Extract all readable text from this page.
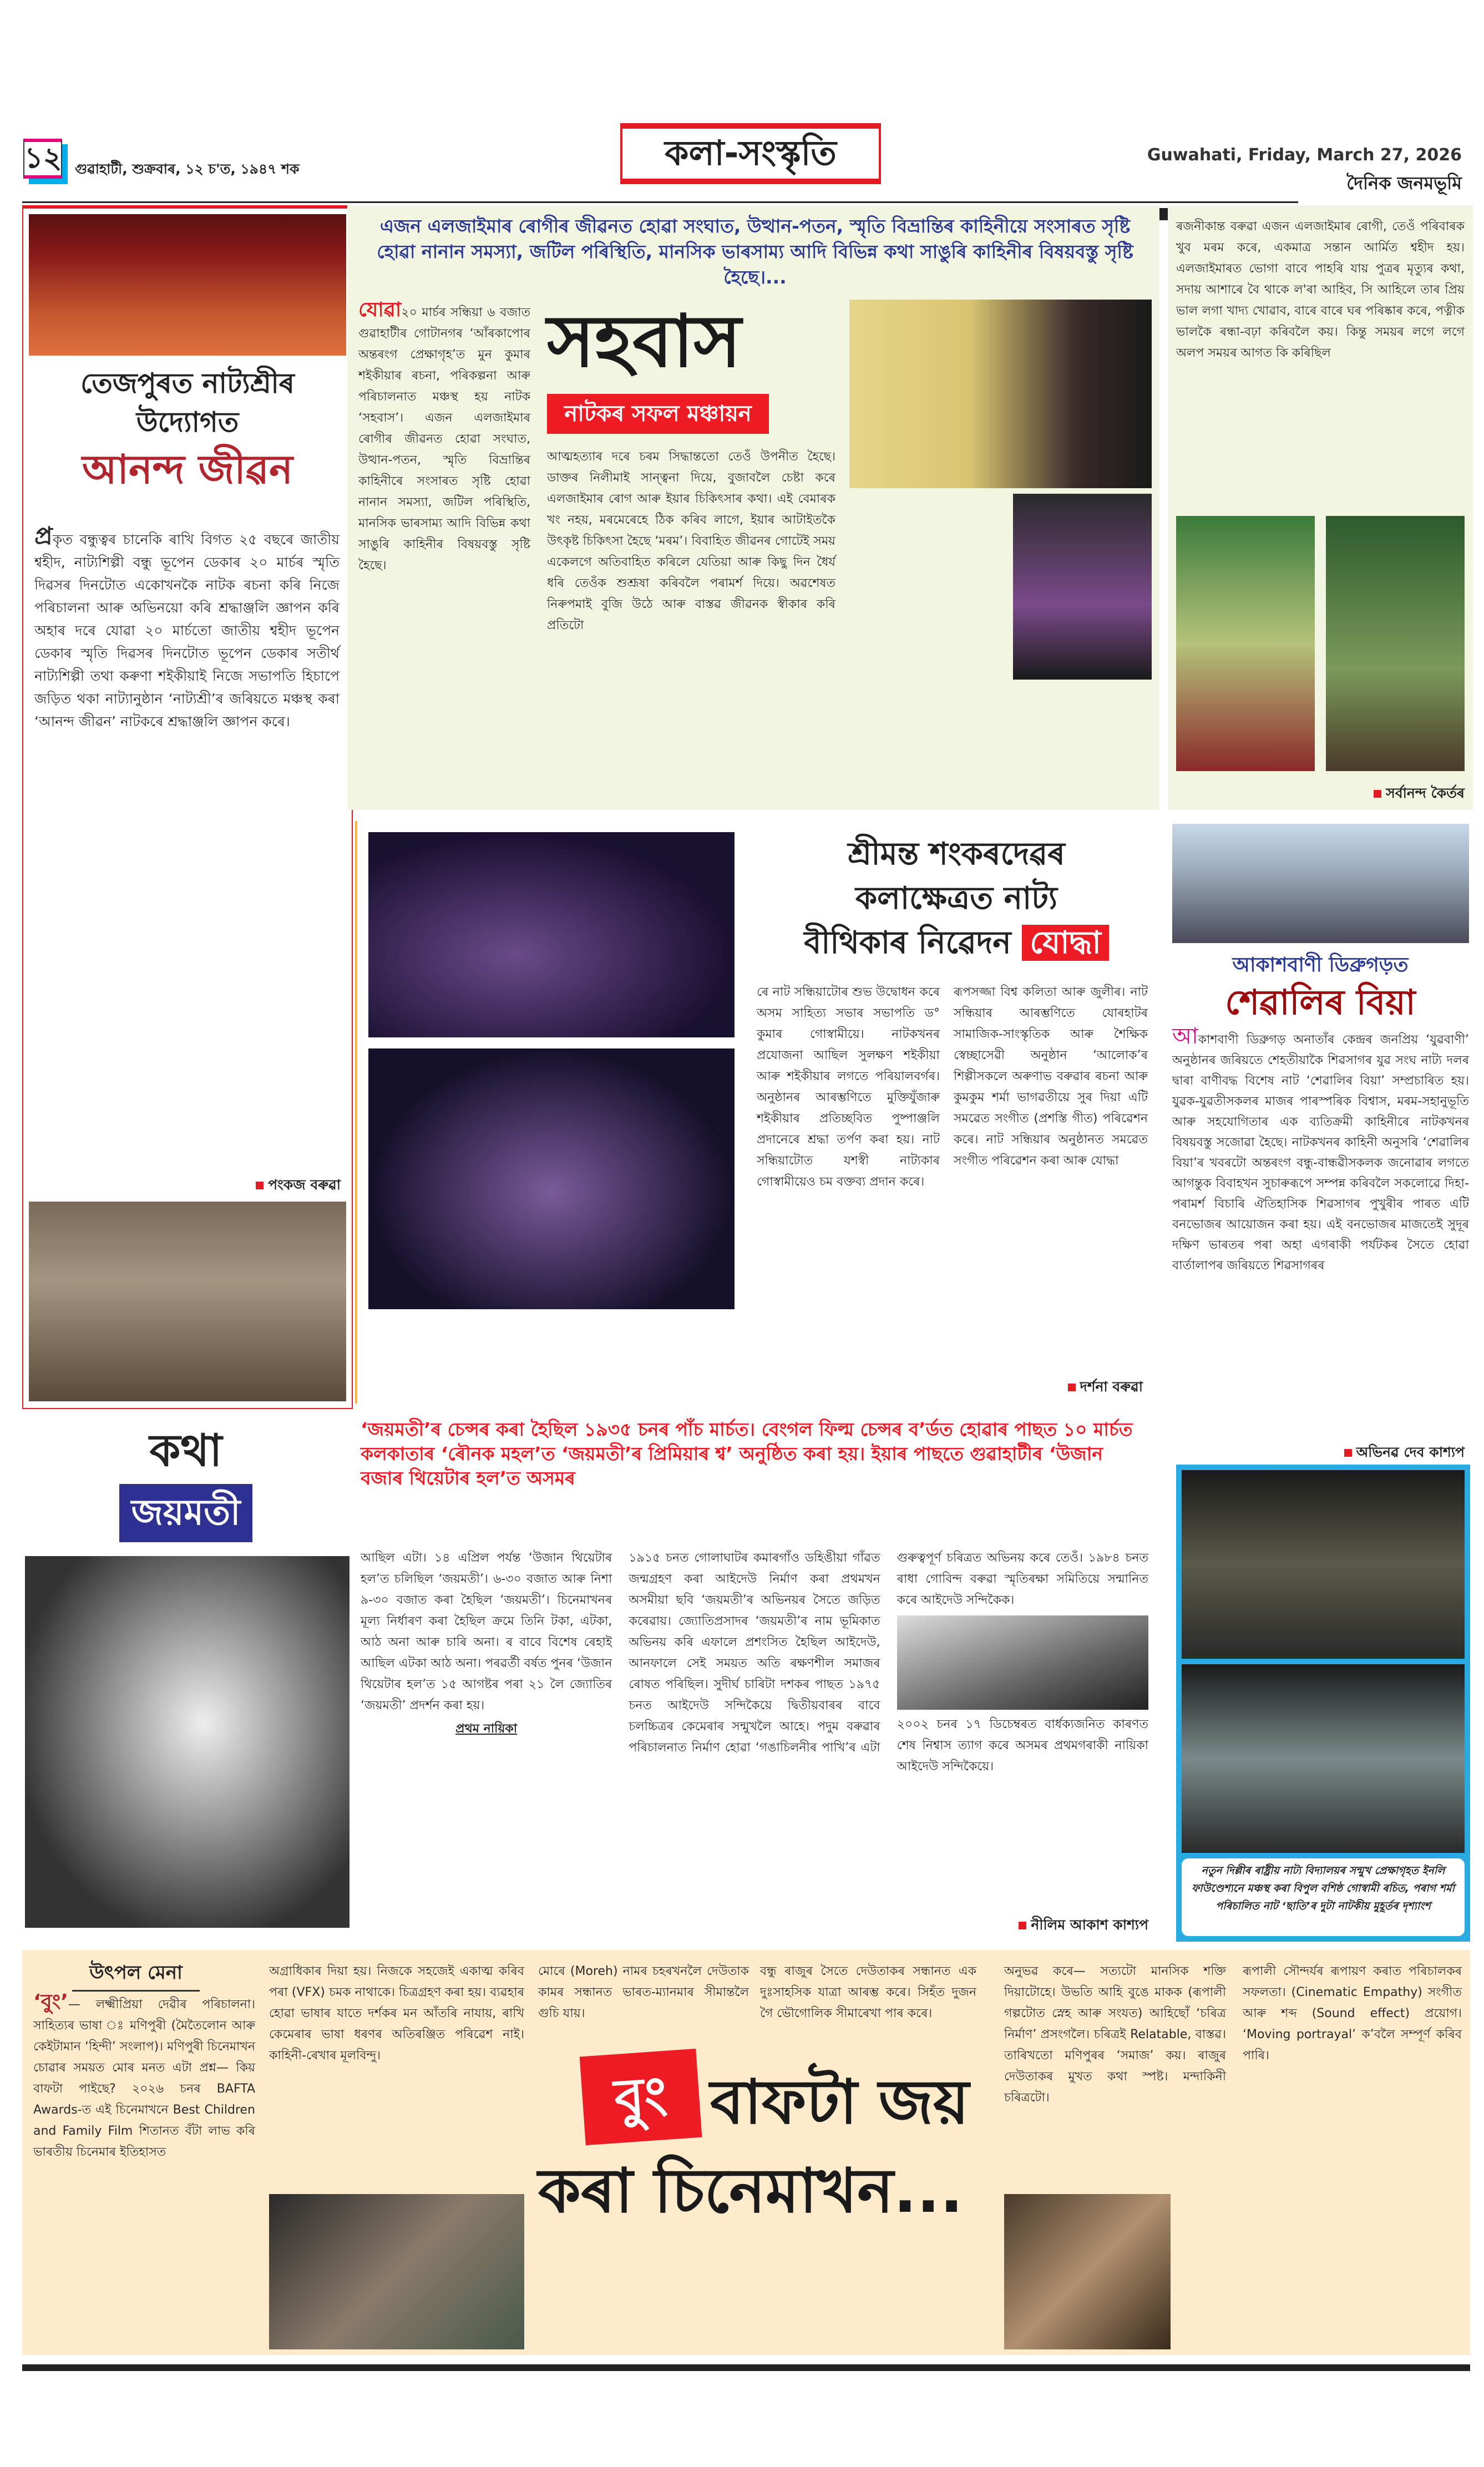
১২ গুৱাহাটী, শুক্ৰবাৰ, ১২ চ'ত, ১৯৪৭ শক	কলা-সংস্কৃতি	Guwahati, Friday, March 27, 2026
দৈনিক জনমভূমি
তেজপুৰত নাট্যশ্ৰীৰ
উদ্যোগত
আনন্দ জীৱন
প্ৰকৃত বন্ধুত্বৰ চানেকি ৰাখি বিগত ২৫ বছৰে জাতীয় শ্বহীদ, নাট্যশিল্পী বন্ধু ভূপেন ডেকাৰ ২০ মাৰ্চৰ স্মৃতি দিৱসৰ দিনটোত একোখনকৈ নাটক ৰচনা কৰি নিজে পৰিচালনা আৰু অভিনয়ো কৰি শ্ৰদ্ধাঞ্জলি জ্ঞাপন কৰি অহাৰ দৰে যোৱা ২০ মাৰ্চতো জাতীয় শ্বহীদ ভূপেন ডেকাৰ স্মৃতি দিৱসৰ দিনটোত ভূপেন ডেকাৰ সতীৰ্থ নাট্যশিল্পী তথা কৰুণা শইকীয়াই নিজে সভাপতি হিচাপে জড়িত থকা নাট্যানুষ্ঠান ‘নাট্যশ্ৰী’ৰ জৰিয়তে মঞ্চস্থ কৰা ‘আনন্দ জীৱন’ নাটকৰে শ্ৰদ্ধাঞ্জলি জ্ঞাপন কৰে।
পংকজ বৰুৱা
এজন এলজাইমাৰ ৰোগীৰ জীৱনত হোৱা সংঘাত, উত্থান-পতন, স্মৃতি বিভ্ৰান্তিৰ কাহিনীয়ে সংসাৰত সৃষ্টি হোৱা নানান সমস্যা, জটিল পৰিস্থিতি, মানসিক ভাৰসাম্য আদি বিভিন্ন কথা সাঙুৰি কাহিনীৰ বিষয়বস্তু সৃষ্টি হৈছে।...
যোৱা২০ মাৰ্চৰ সন্ধিয়া ৬ বজাত গুৱাহাটীৰ গোটানগৰ ‘আঁৰকাপোৰ অন্তৰংগ প্ৰেক্ষাগৃহ’ত মুন কুমাৰ শইকীয়াৰ ৰচনা, পৰিকল্পনা আৰু পৰিচালনাত মঞ্চস্থ হয় নাটক ‘সহবাস’। এজন এলজাইমাৰ ৰোগীৰ জীৱনত হোৱা সংঘাত, উত্থান-পতন, স্মৃতি বিভ্ৰান্তিৰ কাহিনীৰে সংসাৰত সৃষ্টি হোৱা নানান সমস্যা, জটিল পৰিস্থিতি, মানসিক ভাৰসাম্য আদি বিভিন্ন কথা সাঙুৰি কাহিনীৰ বিষয়বস্তু সৃষ্টি হৈছে।
সহবাস
নাটকৰ সফল মঞ্চায়ন
আত্মহত্যাৰ দৰে চৰম সিদ্ধান্ততো তেওঁ উপনীত হৈছে। ডাক্তৰ নিলীমাই সান্ত্বনা দিয়ে, বুজাবলৈ চেষ্টা কৰে এলজাইমাৰ ৰোগ আৰু ইয়াৰ চিকিৎসাৰ কথা। এই বেমাৰক খং নহয়, মৰমেৰেহে ঠিক কৰিব লাগে, ইয়াৰ আটাইতকৈ উৎকৃষ্ট চিকিৎসা হৈছে ‘মৰম’। বিবাহিত জীৱনৰ গোটেই সময় একেলগে অতিবাহিত কৰিলে যেতিয়া আৰু কিছু দিন ধৈৰ্য ধৰি তেওঁক শুশ্ৰূষা কৰিবলৈ পৰামৰ্শ দিয়ে। অৱশেষত নিৰুপমাই বুজি উঠে আৰু বাস্তৱ জীৱনক স্বীকাৰ কৰি প্ৰতিটো
ৰজনীকান্ত বৰুৱা এজন এলজাইমাৰ ৰোগী, তেওঁ পৰিবাৰক খুব মৰম কৰে, একমাত্ৰ সন্তান আৰ্মিত শ্বহীদ হয়। এলজাইমাৰত ভোগা বাবে পাহৰি যায় পুত্ৰৰ মৃত্যুৰ কথা, সদায় আশাৰে বৈ থাকে ল'ৰা আহিব, সি আহিলে তাৰ প্ৰিয় ভাল লগা খাদ্য খোৱাব, বাৰে বাৰে ঘৰ পৰিষ্কাৰ কৰে, পত্নীক ভালকৈ ৰন্ধা-বঢ়া কৰিবলৈ কয়। কিন্তু সময়ৰ লগে লগে অলপ সময়ৰ আগত কি কৰিছিল
সৰ্বানন্দ কৈৰ্তৰ
শ্ৰীমন্ত শংকৰদেৱৰ
কলাক্ষেত্ৰত নাট্য
বীথিকাৰ নিৱেদন যোদ্ধা
ৰে নাট সন্ধিয়াটোৰ শুভ উদ্বোধন কৰে অসম সাহিত্য সভাৰ সভাপতি ড° কুমাৰ গোস্বামীয়ে। নাটকখনৰ প্ৰযোজনা আছিল সুলক্ষণ শইকীয়া আৰু শইকীয়াৰ লগতে পৰিয়ালবৰ্গৰ। অনুষ্ঠানৰ আৰম্ভণিতে মুক্তিযুঁজাৰু শইকীয়াৰ প্ৰতিচ্ছবিত পুষ্পাঞ্জলি প্ৰদানেৰে শ্ৰদ্ধা তৰ্পণ কৰা হয়। নাট সন্ধিয়াটোত যশস্বী নাট্যকাৰ গোস্বামীয়েও চম বক্তব্য প্ৰদান কৰে।
ৰূপসজ্জা বিশ্ব কলিতা আৰু জুলীৰ। নাট সন্ধিয়াৰ আৰম্ভণিতে যোৰহাটৰ সামাজিক-সাংস্কৃতিক আৰু শৈক্ষিক স্বেচ্ছাসেৱী অনুষ্ঠান ‘আলোক’ৰ শিল্পীসকলে অৰুণাভ বৰুৱাৰ ৰচনা আৰু কুমকুম শৰ্মা ভাগৱতীয়ে সুৰ দিয়া এটি সমৱেত সংগীত (প্ৰশস্তি গীত) পৰিৱেশন কৰে। নাট সন্ধিয়াৰ অনুষ্ঠানত সমৱেত সংগীত পৰিৱেশন কৰা আৰু যোদ্ধা
দৰ্শনা বৰুৱা
আকাশবাণী ডিব্ৰুগড়ত
শেৱালিৰ বিয়া
আকাশবাণী ডিব্ৰুগড় অনাতাঁৰ কেন্দ্ৰৰ জনপ্ৰিয় ‘যুৱবাণী’ অনুষ্ঠানৰ জৰিয়তে শেহতীয়াকৈ শিৱসাগৰ যুৱ সংঘ নাট্য দলৰ দ্বাৰা বাণীবদ্ধ বিশেষ নাট ‘শেৱালিৰ বিয়া’ সম্প্ৰচাৰিত হয়। যুৱক-যুৱতীসকলৰ মাজৰ পাৰস্পৰিক বিশ্বাস, মৰম-সহানুভূতি আৰু সহযোগিতাৰ এক ব্যতিক্ৰমী কাহিনীৰে নাটকখনৰ বিষয়বস্তু সজোৱা হৈছে। নাটকখনৰ কাহিনী অনুসৰি ‘শেৱালিৰ বিয়া’ৰ খবৰটো অন্তৰংগ বন্ধু-বান্ধৱীসকলক জনোৱাৰ লগতে আগন্তুক বিবাহখন সুচাৰুৰূপে সম্পন্ন কৰিবলৈ সকলোৱে দিহা-পৰামৰ্শ বিচাৰি ঐতিহাসিক শিৱসাগৰ পুখুৰীৰ পাৰত এটি বনভোজৰ আয়োজন কৰা হয়। এই বনভোজৰ মাজতেই সুদূৰ দক্ষিণ ভাৰতৰ পৰা অহা এগৰাকী পৰ্যটকৰ সৈতে হোৱা বাৰ্তালাপৰ জৰিয়তে শিৱসাগৰৰ
অভিনৱ দেব কাশ্যপ
নতুন দিল্লীৰ ৰাষ্ট্ৰীয় নাট্য বিদ্যালয়ৰ সন্মুখ প্ৰেক্ষাগৃহত ইনলি ফাউণ্ডেশ্যনে মঞ্চস্থ কৰা বিপুল বশিষ্ঠ গোস্বামী ৰচিত, পৰাগ শৰ্মা পৰিচালিত নাট ‘ছাতি’ৰ দুটা নাটকীয় মুহূৰ্তৰ দৃশ্যাংশ
কথা
জয়মতী
‘জয়মতী’ৰ চেন্সৰ কৰা হৈছিল ১৯৩৫ চনৰ পাঁচ মাৰ্চত। বেংগল ফিল্ম চেন্সৰ ব’ৰ্ডত হোৱাৰ পাছত ১০ মাৰ্চত কলকাতাৰ ‘ৰৌনক মহল’ত ‘জয়মতী’ৰ প্ৰিমিয়াৰ শ্ব’ অনুষ্ঠিত কৰা হয়। ইয়াৰ পাছতে গুৱাহাটীৰ ‘উজান বজাৰ থিয়েটাৰ হল’ত অসমৰ
আছিল এটা। ১৪ এপ্ৰিল পৰ্যন্ত ‘উজান থিয়েটাৰ হল’ত চলিছিল ‘জয়মতী’। ৬-৩০ বজাত আৰু নিশা ৯-৩০ বজাত কৰা হৈছিল ‘জয়মতী’। চিনেমাখনৰ মূল্য নিৰ্ধাৰণ কৰা হৈছিল ক্ৰমে তিনি টকা, এটকা, আঠ অনা আৰু চাৰি অনা। ৰ বাবে বিশেষ ৰেহাই আছিল এটকা আঠ অনা। পৰৱৰ্তী বৰ্ষত পুনৰ ‘উজান থিয়েটাৰ হল’ত ১৫ আগষ্টৰ পৰা ২১ লৈ জ্যোতিৰ ‘জয়মতী’ প্ৰদৰ্শন কৰা হয়।
প্ৰথম নায়িকা
১৯১৫ চনত গোলাঘাটৰ কমাৰগাঁও ডহিঙীয়া গাঁৱত জন্মগ্ৰহণ কৰা আইদেউ নিৰ্মাণ কৰা প্ৰথমখন অসমীয়া ছবি ‘জয়মতী’ৰ অভিনয়ৰ সৈতে জড়িত কৰেৱায়। জ্যোতিপ্ৰসাদৰ ‘জয়মতী’ৰ নাম ভূমিকাত অভিনয় কৰি এফালে প্ৰশংসিত হৈছিল আইদেউ, আনফালে সেই সময়ত অতি ৰক্ষণশীল সমাজৰ ৰোষত পৰিছিল। সুদীৰ্ঘ চাৰিটা দশকৰ পাছত ১৯৭৫ চনত আইদেউ সন্দিকৈয়ে দ্বিতীয়বাৰৰ বাবে চলচ্চিত্ৰৰ কেমেৰাৰ সন্মুখলৈ আহে। পদুম বৰুৱাৰ পৰিচালনাত নিৰ্মাণ হোৱা ‘গঙাচিলনীৰ পাখি’ৰ এটা গুৰুত্বপূৰ্ণ চৰিত্ৰত অভিনয় কৰে তেওঁ। ১৯৮৪ চনত ৰাধা গোবিন্দ বৰুৱা স্মৃতিৰক্ষা সমিতিয়ে সন্মানিত কৰে আইদেউ সন্দিকৈক।
২০০২ চনৰ ১৭ ডিচেম্বৰত বাৰ্ধক্যজনিত কাৰণত শেষ নিশ্বাস ত্যাগ কৰে অসমৰ প্ৰথমগৰাকী নায়িকা আইদেউ সন্দিকৈয়ে।
নীলিম আকাশ কাশ্যপ
উৎপল মেনা
‘বুং’— লক্ষ্মীপ্ৰিয়া দেৱীৰ পৰিচালনা। সাহিত্যৰ ভাষা ঃ মণিপুৰী (মৈতৈলোন আৰু কেইটামান ‘হিন্দী’ সংলাপ)। মণিপুৰী চিনেমাখন চোৱাৰ সময়ত মোৰ মনত এটা প্ৰশ্ন— কিয় বাফটা পাইছে? ২০২৬ চনৰ BAFTA Awards-ত এই চিনেমাখনে Best Children and Family Film শিতানত বঁটা লাভ কৰি ভাৰতীয় চিনেমাৰ ইতিহাসত
অগ্ৰাধিকাৰ দিয়া হয়। নিজকে সহজেই একাত্ম কৰিব পৰা (VFX) চমক নাথাকে। চিত্ৰগ্ৰহণ কৰা হয়। ব্যৱহাৰ হোৱা ভাষাৰ যাতে দৰ্শকৰ মন আঁতৰি নাযায়, ৰাখি কেমেৰাৰ ভাষা ধৰণৰ অতিৰঞ্জিত পৰিৱেশ নাই। কাহিনী-ৰেখাৰ মূলবিন্দু।
মোৰে (Moreh) নামৰ চহৰখনলৈ দেউতাক কামৰ সন্ধানত ভাৰত-ম্যানমাৰ সীমান্তলৈ গুচি যায়।
বন্ধু ৰাজুৰ সৈতে দেউতাকৰ সন্ধানত এক দুঃসাহসিক যাত্ৰা আৰম্ভ কৰে। সিহঁত দুজন গৈ ভৌগোলিক সীমাৰেখা পাৰ কৰে।
বুং বাফটা জয়
কৰা চিনেমাখন...
অনুভৱ কৰে— সত্যটো মানসিক শক্তি দিয়াটোহে। উভতি আহি বুঙে মাকক (ৰূপালী গল্পটোত স্নেহ আৰু সংযত) আহিছোঁ ‘চৰিত্ৰ নিৰ্মাণ’ প্ৰসংগলৈ। চৰিত্ৰই Relatable, বাস্তৱ। তাৰিখতো মণিপুৰৰ ‘সমাজ’ কয়। ৰাজুৰ দেউতাকৰ মুখত কথা স্পষ্ট। মন্দাকিনী চৰিত্ৰটো।
ৰূপালী সৌন্দৰ্যৰ ৰূপায়ণ কৰাত পৰিচালকৰ সফলতা। (Cinematic Empathy) সংগীত আৰু শব্দ (Sound effect) প্ৰয়োগ। ‘Moving portrayal’ ক’বলৈ সম্পূৰ্ণ কৰিব পাৰি।
